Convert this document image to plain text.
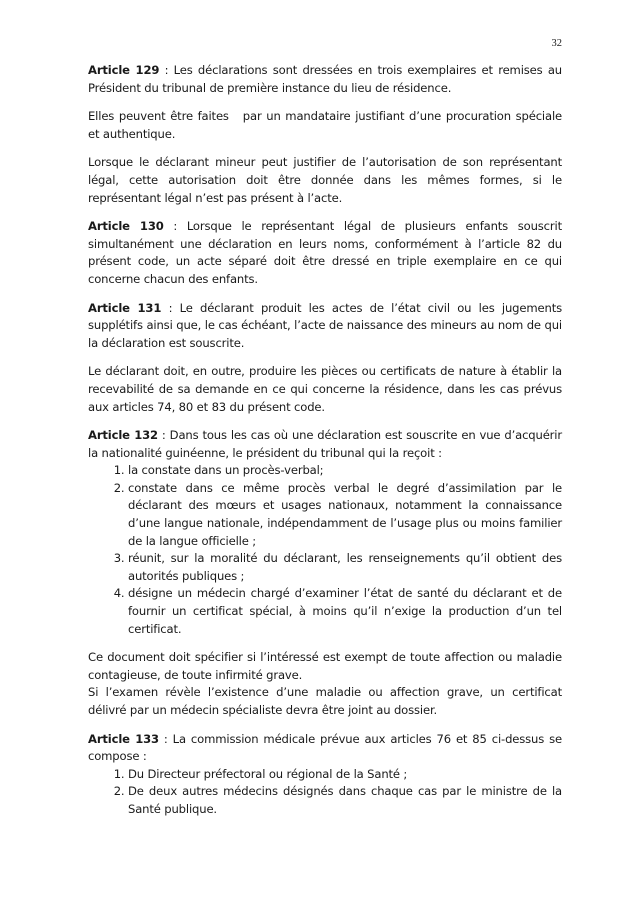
32

Article 129 : Les déclarations sont dressées en trois exemplaires et remises au Président du tribunal de première instance du lieu de résidence.

Elles peuvent être faites   par un mandataire justifiant d’une procuration spéciale et authentique.

Lorsque le déclarant mineur peut justifier de l’autorisation de son représentant légal, cette autorisation doit être donnée dans les mêmes formes, si le représentant légal n’est pas présent à l’acte.

Article 130 : Lorsque le représentant légal de plusieurs enfants souscrit simultanément une déclaration en leurs noms, conformément à l’article 82 du présent code, un acte séparé doit être dressé en triple exemplaire en ce qui concerne chacun des enfants.

Article 131 : Le déclarant produit les actes de l’état civil ou les jugements supplétifs ainsi que, le cas échéant, l’acte de naissance des mineurs au nom de qui la déclaration est souscrite.

Le déclarant doit, en outre, produire les pièces ou certificats de nature à établir la recevabilité de sa demande en ce qui concerne la résidence, dans les cas prévus aux articles 74, 80 et 83 du présent code.

Article 132 : Dans tous les cas où une déclaration est souscrite en vue d’acquérir la nationalité guinéenne, le président du tribunal qui la reçoit :

1. la constate dans un procès-verbal;
2. constate dans ce même procès verbal le degré d’assimilation par le déclarant des mœurs et usages nationaux, notamment la connaissance d’une langue nationale, indépendamment de l’usage plus ou moins familier de la langue officielle ;
3. réunit, sur la moralité du déclarant, les renseignements qu’il obtient des autorités publiques ;
4. désigne un médecin chargé d’examiner l’état de santé du déclarant et de fournir un certificat spécial, à moins qu’il n’exige la production d’un tel certificat.

Ce document doit spécifier si l’intéressé est exempt de toute affection ou maladie contagieuse, de toute infirmité grave.

Si l’examen révèle l’existence d’une maladie ou affection grave, un certificat délivré par un médecin spécialiste devra être joint au dossier.

Article 133 : La commission médicale prévue aux articles 76 et 85 ci-dessus se compose :

1. Du Directeur préfectoral ou régional de la Santé ;
2. De deux autres médecins désignés dans chaque cas par le ministre de la Santé publique.
